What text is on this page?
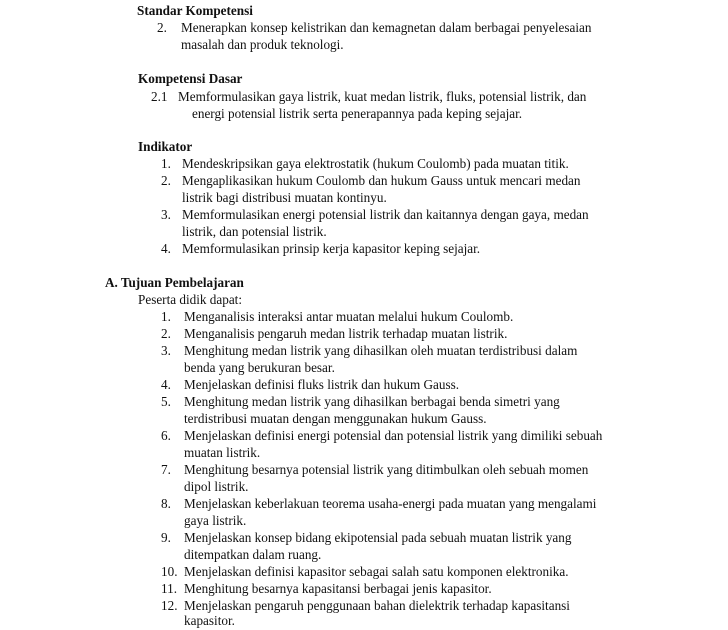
Standar Kompetensi
2. Menerapkan konsep kelistrikan dan kemagnetan dalam berbagai penyelesaian
masalah dan produk teknologi.
Kompetensi Dasar
2.1 Memformulasikan gaya listrik, kuat medan listrik, fluks, potensial listrik, dan
energi potensial listrik serta penerapannya pada keping sejajar.
Indikator
1. Mendeskripsikan gaya elektrostatik (hukum Coulomb) pada muatan titik.
2. Mengaplikasikan hukum Coulomb dan hukum Gauss untuk mencari medan
listrik bagi distribusi muatan kontinyu.
3. Memformulasikan energi potensial listrik dan kaitannya dengan gaya, medan
listrik, dan potensial listrik.
4. Memformulasikan prinsip kerja kapasitor keping sejajar.
A. Tujuan Pembelajaran
Peserta didik dapat:
1. Menganalisis interaksi antar muatan melalui hukum Coulomb.
2. Menganalisis pengaruh medan listrik terhadap muatan listrik.
3. Menghitung medan listrik yang dihasilkan oleh muatan terdistribusi dalam
benda yang berukuran besar.
4. Menjelaskan definisi fluks listrik dan hukum Gauss.
5. Menghitung medan listrik yang dihasilkan berbagai benda simetri yang
terdistribusi muatan dengan menggunakan hukum Gauss.
6. Menjelaskan definisi energi potensial dan potensial listrik yang dimiliki sebuah
muatan listrik.
7. Menghitung besarnya potensial listrik yang ditimbulkan oleh sebuah momen
dipol listrik.
8. Menjelaskan keberlakuan teorema usaha-energi pada muatan yang mengalami
gaya listrik.
9. Menjelaskan konsep bidang ekipotensial pada sebuah muatan listrik yang
ditempatkan dalam ruang.
10. Menjelaskan definisi kapasitor sebagai salah satu komponen elektronika.
11. Menghitung besarnya kapasitansi berbagai jenis kapasitor.
12. Menjelaskan pengaruh penggunaan bahan dielektrik terhadap kapasitansi
kapasitor.
